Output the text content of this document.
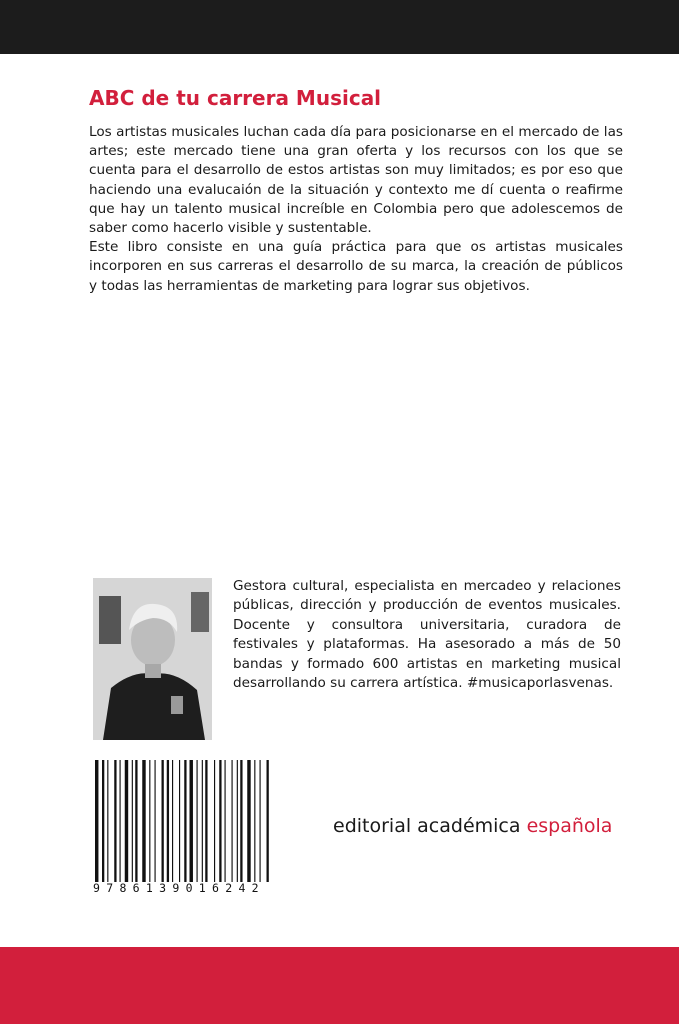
ABC de tu carrera Musical

Los artistas musicales luchan cada día para posicionarse en el mercado de las artes; este mercado tiene una gran oferta y los recursos con los que se cuenta para el desarrollo de estos artistas son muy limitados; es por eso que haciendo una evalucaión de la situación y contexto me dí cuenta o reafirme que hay un talento musical increíble en Colombia pero que adolescemos de saber como hacerlo visible y sustentable.

Este libro consiste en una guía práctica para que os artistas musicales incorporen en sus carreras el desarrollo de su marca, la creación de públicos y todas las herramientas de marketing para lograr sus objetivos.

Gestora cultural, especialista en mercadeo y relaciones públicas, dirección y producción de eventos musicales. Docente y consultora universitaria, curadora de festivales y plataformas. Ha asesorado a más de 50 bandas y formado 600 artistas en marketing musical desarrollando su carrera artística. #musicaporlasvenas.

9786139016242
editorial académica española
